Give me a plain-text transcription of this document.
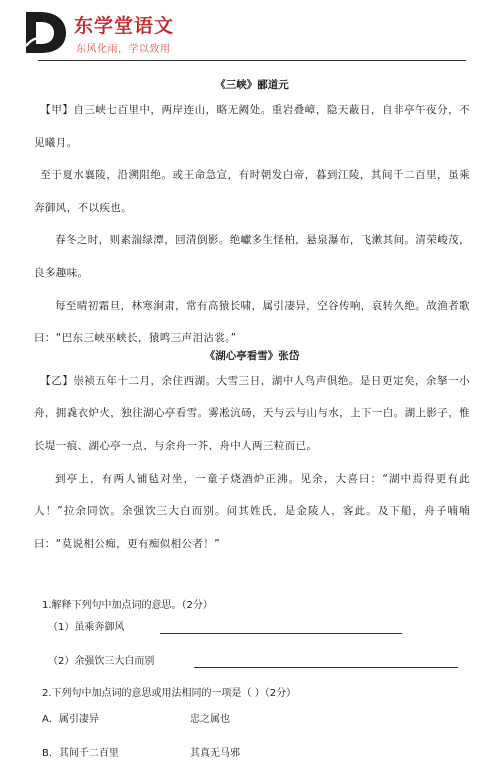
东学堂语文
东风化雨，学以致用

《三峡》郦道元

【甲】自三峡七百里中，两岸连山，略无阙处。重岩叠嶂，隐天蔽日，自非亭午夜分，不见曦月。

至于夏水襄陵，沿溯阻绝。或王命急宣，有时朝发白帝，暮到江陵，其间千二百里，虽乘奔御风，不以疾也。

春冬之时，则素湍绿潭，回清倒影。绝巘多生怪柏，悬泉瀑布，飞漱其间。清荣峻茂，良多趣味。

每至晴初霜旦，林寒涧肃，常有高猿长啸，属引凄异，空谷传响，哀转久绝。故渔者歌曰：“巴东三峡巫峡长，猿鸣三声泪沾裳。”

《湖心亭看雪》张岱

【乙】崇祯五年十二月，余住西湖。大雪三日，湖中人鸟声俱绝。是日更定矣，余拏一小舟，拥毳衣炉火，独往湖心亭看雪。雾凇沆砀，天与云与山与水，上下一白。湖上影子，惟长堤一痕、湖心亭一点、与余舟一芥、舟中人两三粒而已。

到亭上，有两人铺毡对坐，一童子烧酒炉正沸。见余，大喜曰：“湖中焉得更有此人！”拉余同饮。余强饮三大白而别。问其姓氏，是金陵人，客此。及下船，舟子喃喃曰：“莫说相公痴，更有痴似相公者！”

1.解释下列句中加点词的意思。（2分）
（1）虽乘奔御风
（2）余强饮三大白而别
2.下列句中加点词的意思或用法相同的一项是（ ）（2分）
A．属引凄异	忠之属也
B．其间千二百里	其真无马邪
